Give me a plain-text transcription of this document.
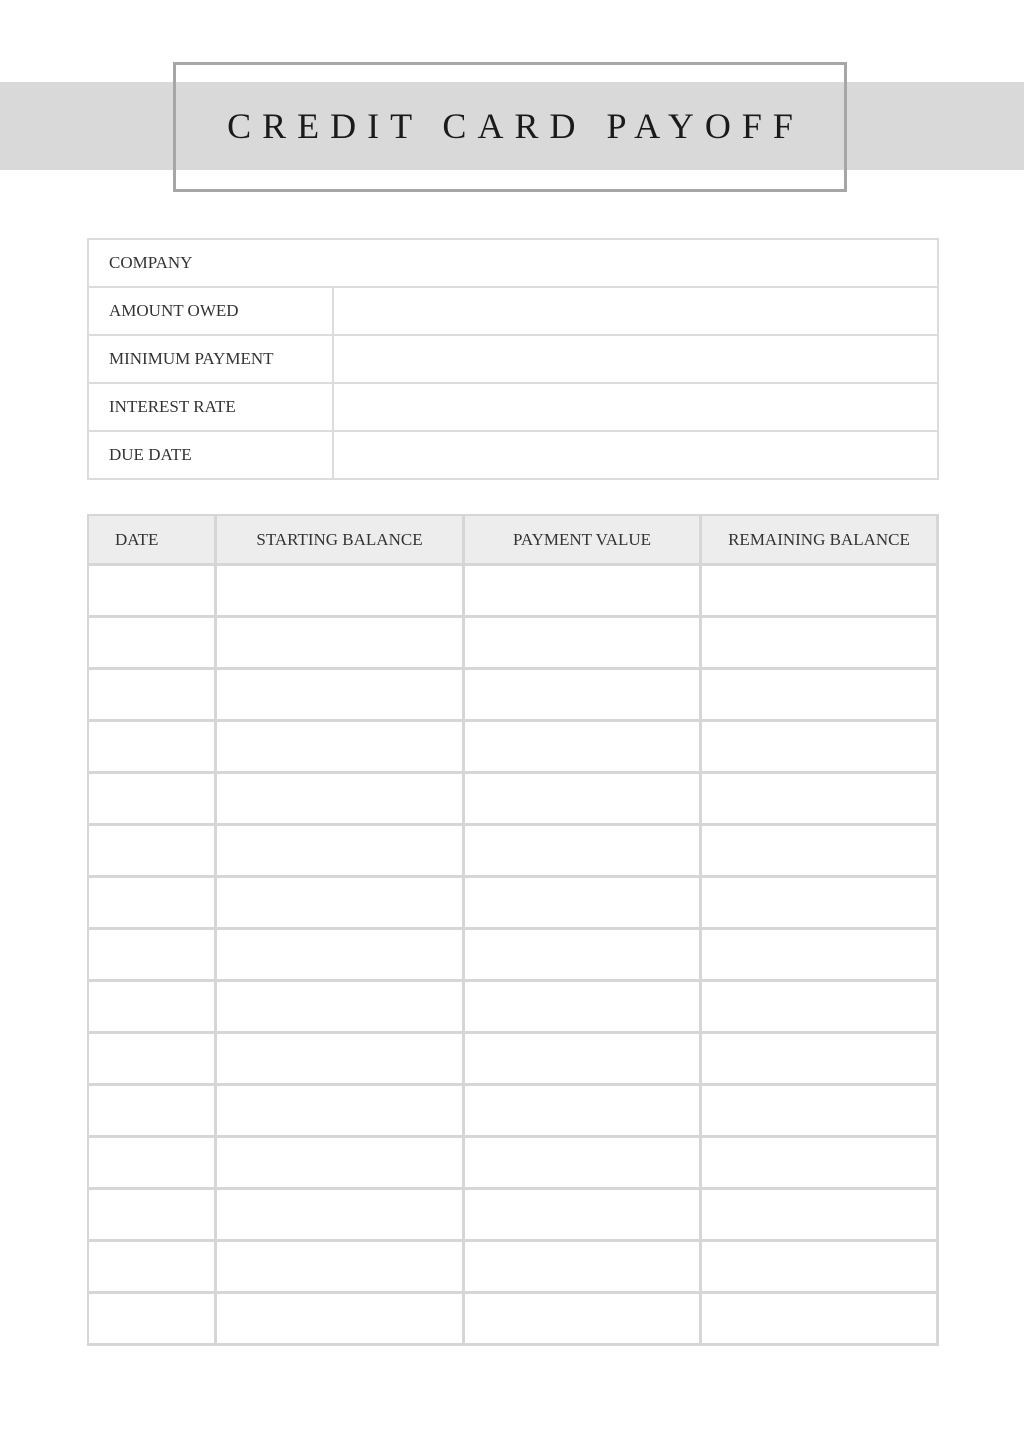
CREDIT CARD PAYOFF
COMPANY	
AMOUNT OWED	
MINIMUM PAYMENT	
INTEREST RATE	
DUE DATE	
DATE	STARTING BALANCE	PAYMENT VALUE	REMAINING BALANCE
